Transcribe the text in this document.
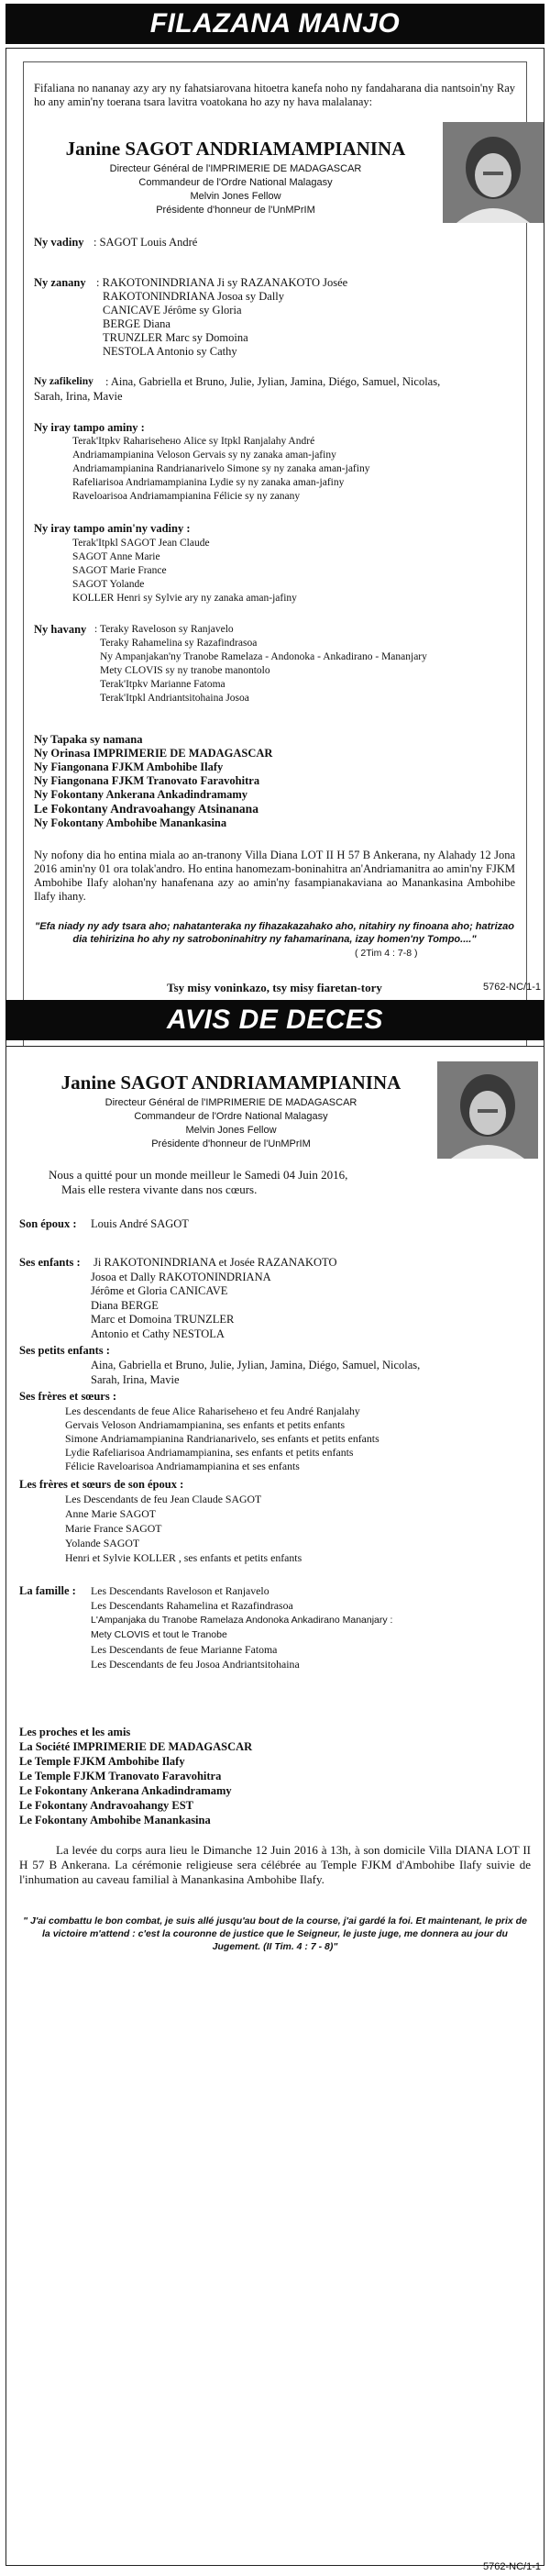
FILAZANA MANJO
Fifaliana no nananay azy ary ny fahatsiarovana hitoetra kanefa noho ny fandaharana dia nantsoin'ny Ray ho any amin'ny toerana tsara lavitra voatokana ho azy ny hava malalanay:
Janine SAGOT ANDRIAMAMPIANINA
Directeur Général de l'IMPRIMERIE DE MADAGASCAR
Commandeur de l'Ordre National Malagasy
Melvin Jones Fellow
Présidente d'honneur de l'UnMPrIM
Ny vadiny : SAGOT Louis André
Ny zanany : RAKOTONINDRIANA Ji sy RAZANAKOTO Josée
RAKOTONINDRIANA Josoa sy Dally
CANICAVE Jérôme sy Gloria
BERGE Diana
TRUNZLER Marc sy Domoina
NESTOLA Antonio sy Cathy
Ny zafikeliny : Aina, Gabriella et Bruno, Julie, Jylian, Jamina, Diégo, Samuel, Nicolas,
Sarah, Irina, Mavie
Ny iray tampo aminy :
Terak'Itpkv Raharisehено Alice sy Itpkl Ranjalahy André
Andriamampianina Veloson Gervais sy ny zanaka aman-jafiny
Andriamampianina Randrianarivelo Simone sy ny zanaka aman-jafiny
Rafeliarisoa Andriamampianina Lydie sy ny zanaka aman-jafiny
Ravelоarisoa Andriamampianina Félicie sy ny zanany
Ny iray tampo amin'ny vadiny :
Terak'Itpkl SAGOT Jean Claude
SAGOT Anne Marie
SAGOT Marie France
SAGOT Yolande
KOLLER Henri sy Sylvie ary ny zanaka aman-jafiny
Ny havany : Teraky Raveloson sy Ranjavelo
Teraky Rahamelina sy Razafindrasoa
Ny Ampanjakan'ny Tranobe Ramelaza - Andonoka - Ankadirano - Mananjary
Mety CLOVIS sy ny tranobe manontolo
Terak'Itpkv Marianne Fatoma
Terak'Itpkl Andriantsitohaina Josoa
Ny Tapaka sy namana
Ny Orinasa IMPRIMERIE DE MADAGASCAR
Ny Fiangonana FJKM Ambohibe Ilafy
Ny Fiangonana FJKM Tranovato Faravohitra
Ny Fokontany Ankerana Ankadindramamy
Le Fokontany Andravoahangy Atsinanana
Ny Fokontany Ambohibe Manankasina
Ny nofony dia ho entina miala ao an-tranony Villa Diana LOT II H 57 B Ankerana, ny Alahady 12 Jona 2016 amin'ny 01 ora tolak'andro. Ho entina hanomezam-boninahitra an'Andriamanitra ao amin'ny FJKM Ambohibe Ilafy alohan'ny hanafenana azy ao amin'ny fasampianakaviana ao Manankasina Ambohibe Ilafy ihany.
"Efa niady ny ady tsara aho; nahatanteraka ny fihazakazahako aho, nitahiry ny finoana aho; hatrizao dia tehirizina ho ahy ny satroboninahitry ny fahamarinana, izay homen'ny Tompo...."
( 2Tim 4 : 7-8 )
Tsy misy voninkazo, tsy misy fiaretan-tory	5762-NC/1-1
AVIS DE DECES
Janine SAGOT ANDRIAMAMPIANINA
Directeur Général de l'IMPRIMERIE DE MADAGASCAR
Commandeur de l'Ordre National Malagasy
Melvin Jones Fellow
Présidente d'honneur de l'UnMPrIM
Nous a quitté pour un monde meilleur le Samedi 04 Juin 2016,
Mais elle restera vivante dans nos cœurs.
Son époux : Louis André SAGOT
Ses enfants : Ji RAKOTONINDRIANA et Josée RAZANAKOTO
Josoa et Dally RAKOTONINDRIANA
Jérôme et Gloria CANICAVE
Diana BERGE
Marc et Domoina TRUNZLER
Antonio et Cathy NESTOLA
Ses petits enfants :
Aina, Gabriella et Bruno, Julie, Jylian, Jamina, Diégo, Samuel, Nicolas,
Sarah, Irina, Mavie
Ses frères et sœurs :
Les descendants de feue Alice Raharisehено et feu André Ranjalahy
Gervais Veloson Andriamampianina, ses enfants et petits enfants
Simone Andriamampianina Randrianarivelo, ses enfants et petits enfants
Lydie Rafeliarisoa Andriamampianina, ses enfants et petits enfants
Félicie Ravelоarisoa Andriamampianina et ses enfants
Les frères et sœurs de son époux :
Les Descendants de feu Jean Claude SAGOT
Anne Marie SAGOT
Marie France SAGOT
Yolande SAGOT
Henri et Sylvie KOLLER , ses enfants et petits enfants
La famille : Les Descendants Raveloson et Ranjavelo
Les Descendants Rahamelina et Razafindrasoa
L'Ampanjaka du Tranobe Ramelaza Andonoka Ankadirano Mananjary :
Mety CLOVIS et tout le Tranobe
Les Descendants de feue Marianne Fatoma
Les Descendants de feu Josoa Andriantsitohaina
Les proches et les amis
La Société IMPRIMERIE DE MADAGASCAR
Le Temple FJKM Ambohibe Ilafy
Le Temple FJKM Tranovato Faravohitra
Le Fokontany Ankerana Ankadindramamy
Le Fokontany Andravoahangy EST
Le Fokontany Ambohibe Manankasina
La levée du corps aura lieu le Dimanche 12 Juin 2016 à 13h, à son domicile Villa DIANA LOT II H 57 B Ankerana. La cérémonie religieuse sera célébrée au Temple FJKM d'Ambohibe Ilafy suivie de l'inhumation au caveau familial à Manankasina Ambohibe Ilafy.
" J'ai combattu le bon combat, je suis allé jusqu'au bout de la course, j'ai gardé la foi. Et maintenant, le prix de la victoire m'attend : c'est la couronne de justice que le Seigneur, le juste juge, me donnera au jour du Jugement. (II Tim. 4 : 7 - 8)"
5762-NC/1-1
